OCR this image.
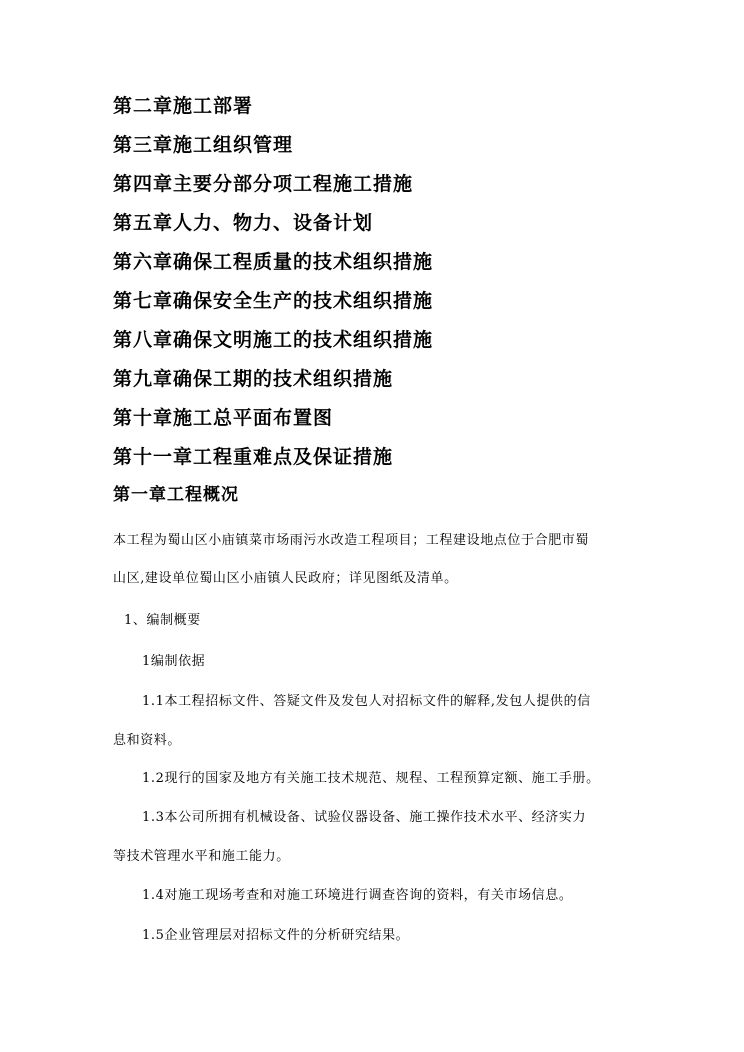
第二章施工部署
第三章施工组织管理
第四章主要分部分项工程施工措施
第五章人力、物力、设备计划
第六章确保工程质量的技术组织措施
第七章确保安全生产的技术组织措施
第八章确保文明施工的技术组织措施
第九章确保工期的技术组织措施
第十章施工总平面布置图
第十一章工程重难点及保证措施
第一章工程概况
本工程为蜀山区小庙镇菜市场雨污水改造工程项目；工程建设地点位于合肥市蜀
山区,建设单位蜀山区小庙镇人民政府；详见图纸及清单。
1、编制概要
1编制依据
1.1本工程招标文件、答疑文件及发包人对招标文件的解释,发包人提供的信
息和资料。
1.2现行的国家及地方有关施工技术规范、规程、工程预算定额、施工手册。
1.3本公司所拥有机械设备、试验仪器设备、施工操作技术水平、经济实力
等技术管理水平和施工能力。
1.4对施工现场考查和对施工环境进行调查咨询的资料，有关市场信息。
1.5企业管理层对招标文件的分析研究结果。
